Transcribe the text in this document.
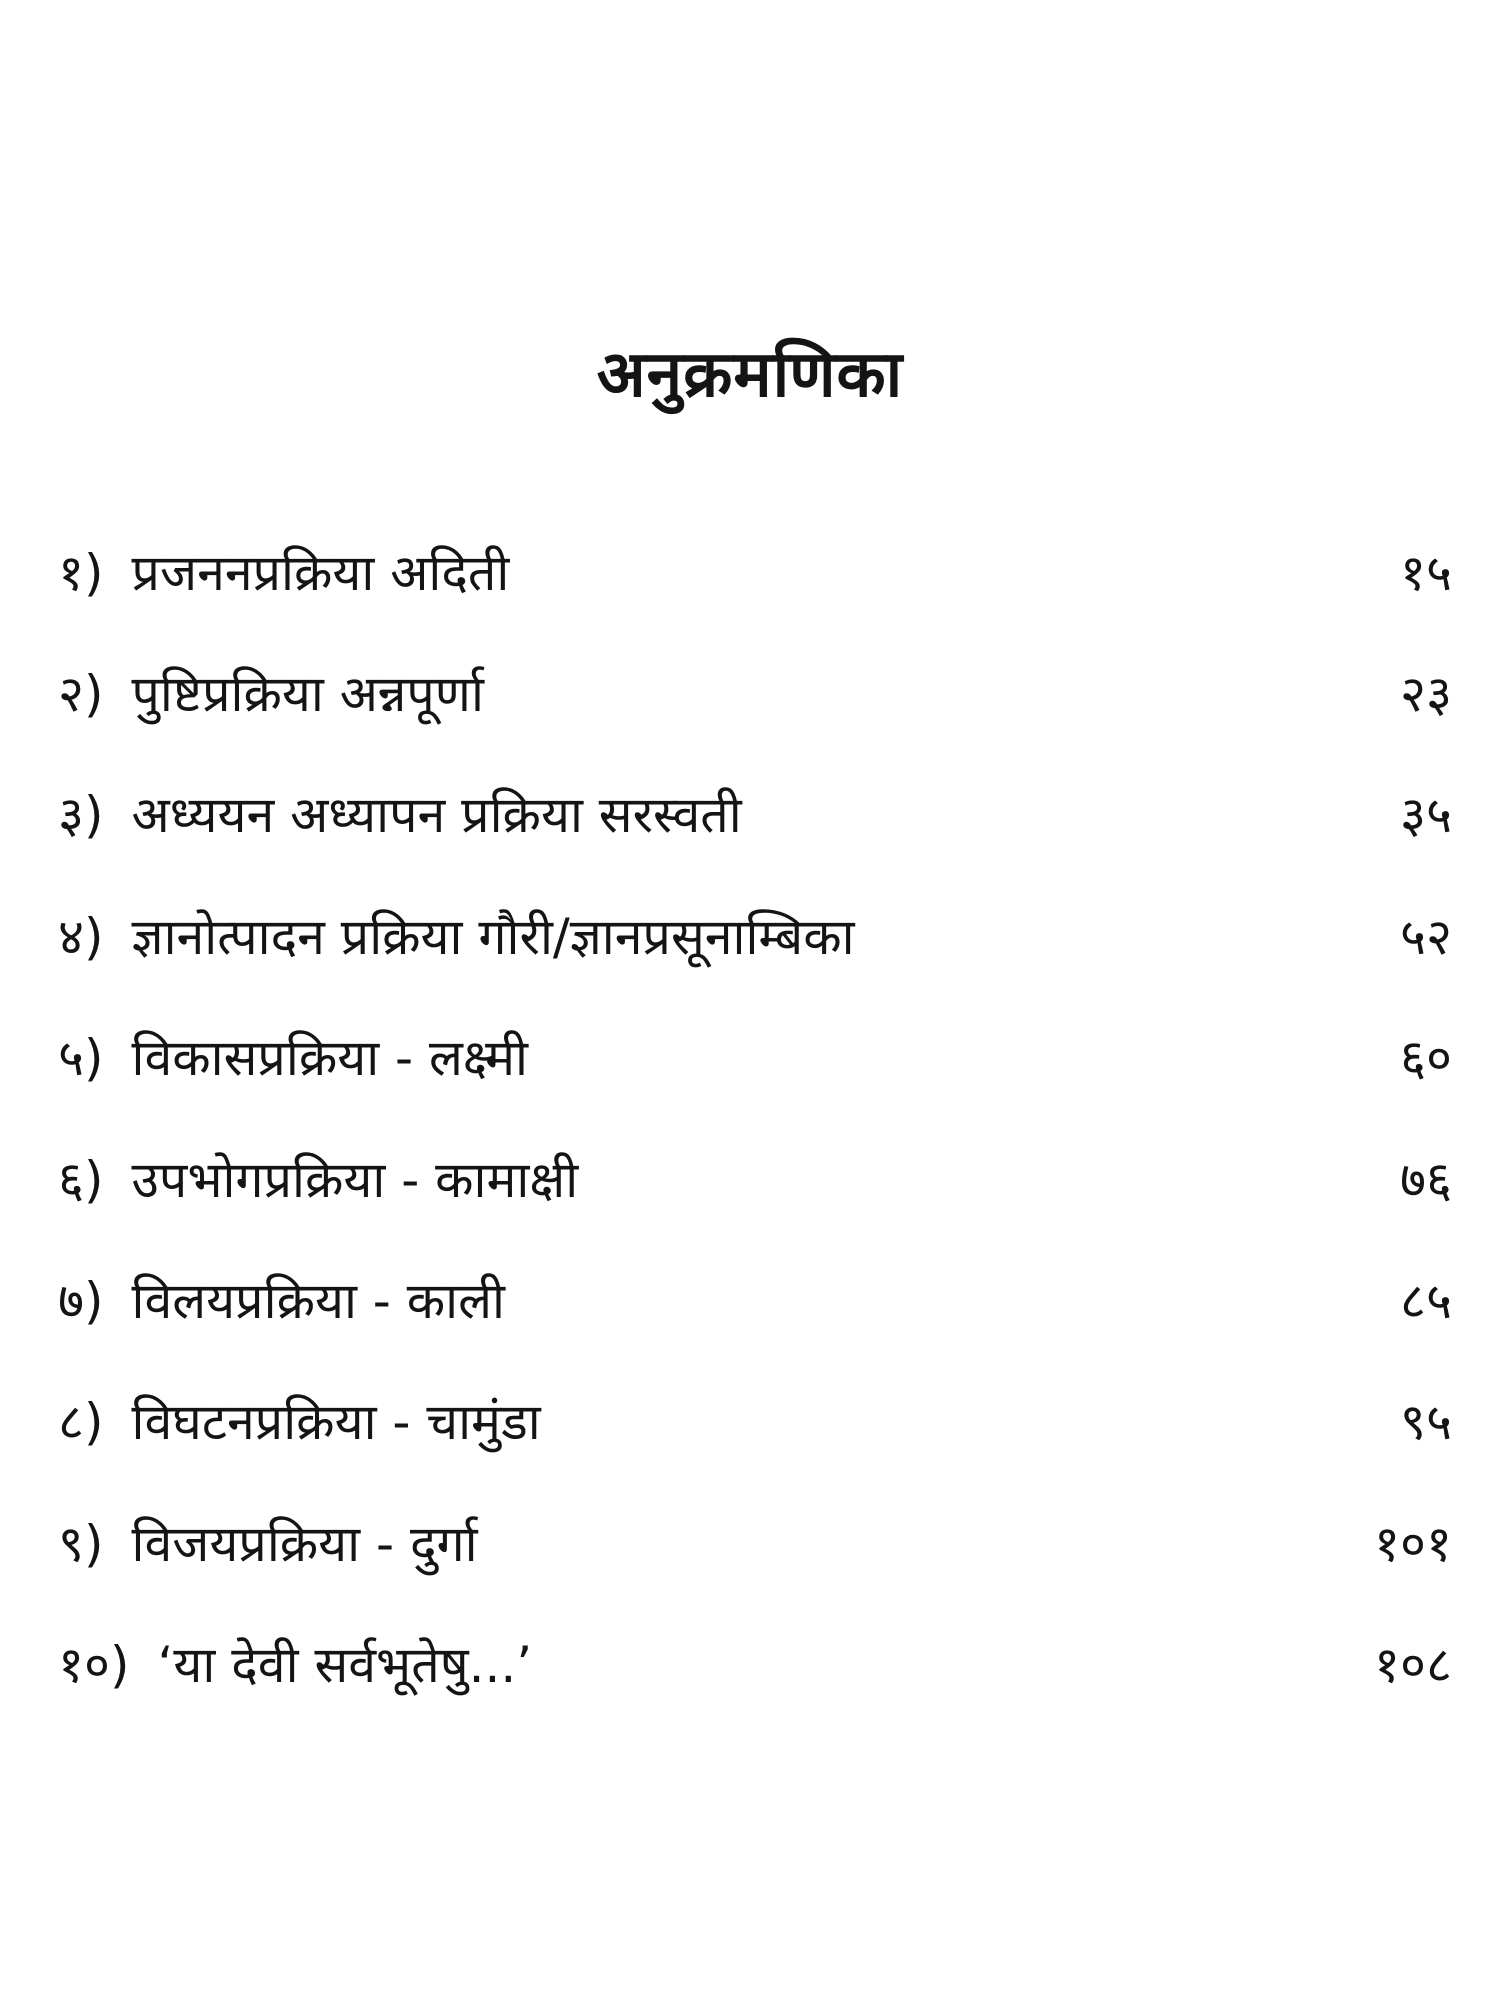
अनुक्रमणिका
१) प्रजननप्रक्रिया अदिती	१५
२) पुष्टिप्रक्रिया अन्नपूर्णा	२३
३) अध्ययन अध्यापन प्रक्रिया सरस्वती	३५
४) ज्ञानोत्पादन प्रक्रिया गौरी/ज्ञानप्रसूनाम्बिका	५२
५) विकासप्रक्रिया - लक्ष्मी	६०
६) उपभोगप्रक्रिया - कामाक्षी	७६
७) विलयप्रक्रिया - काली	८५
८) विघटनप्रक्रिया - चामुंडा	९५
९) विजयप्रक्रिया - दुर्गा	१०१
१०) ‘या देवी सर्वभूतेषु...’	१०८
